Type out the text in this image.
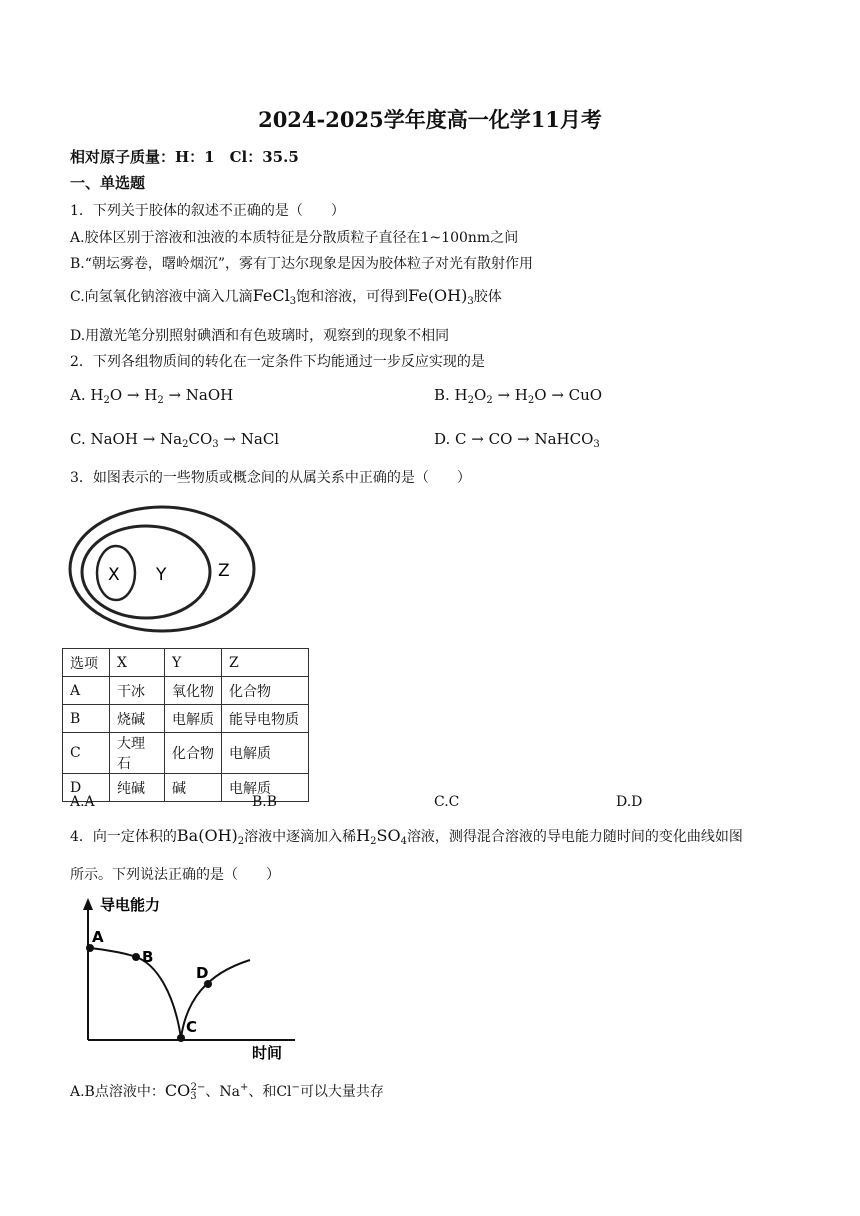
2024-2025学年度高一化学11月考
相对原子质量：H：1　Cl：35.5
一、单选题
1．下列关于胶体的叙述不正确的是（　　）
A.胶体区别于溶液和浊液的本质特征是分散质粒子直径在1~100nm之间
B.“朝坛雾卷，曙岭烟沉”，雾有丁达尔现象是因为胶体粒子对光有散射作用
C.向氢氧化钠溶液中滴入几滴FeCl$_3$饱和溶液，可得到$Fe(OH)_3$胶体
D.用激光笔分别照射碘酒和有色玻璃时，观察到的现象不相同
2．下列各组物质间的转化在一定条件下均能通过一步反应实现的是
A. $H_2O \to H_2$ → NaOH	B. $H_2O_2 \to H_2O$ → CuO
C. NaOH → $Na_2CO_3$ → NaCl	D. C → CO → NaHCO$_3$
3．如图表示的一些物质或概念间的从属关系中正确的是（　　）
X Y	Z
选项	X	Y	Z
A	干冰	氧化物	化合物
B	烧碱	电解质	能导电物质
C	大理石	化合物	电解质
D	纯碱	碱	电解质
A.A	B.B	C.C	D.D
4．向一定体积的$Ba(OH)_2$溶液中逐滴加入稀$H_2SO_4$溶液，测得混合溶液的导电能力随时间的变化曲线如图
所示。下列说法正确的是（　　）
导电能力
时间
A
B
C
D
A.B点溶液中：$CO_3^{2-}$、Na+、和Cl−可以大量共存
